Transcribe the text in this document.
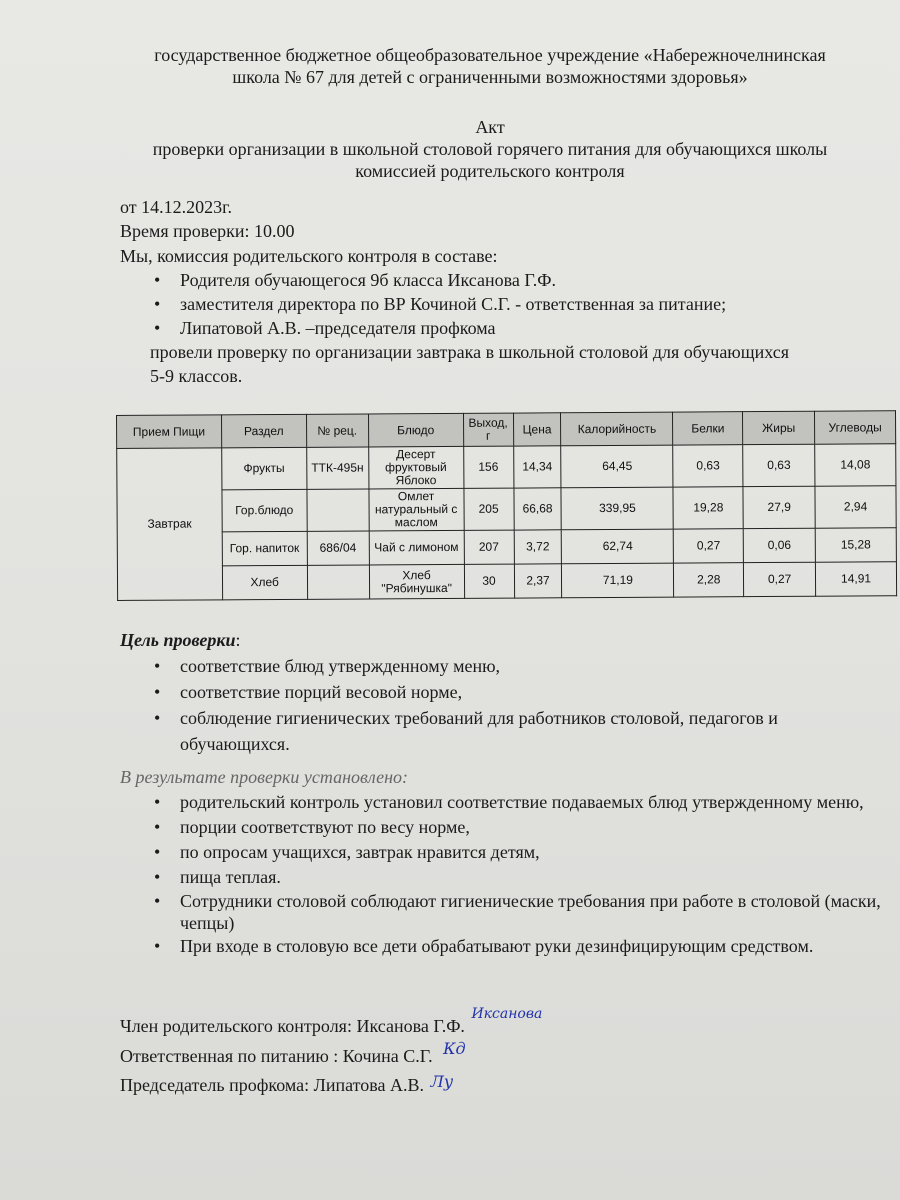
государственное бюджетное общеобразовательное учреждение «Набережночелнинская
школа № 67 для детей с ограниченными возможностями здоровья»
Акт
проверки организации в школьной столовой горячего питания для обучающихся школы
комиссией родительского контроля
от 14.12.2023г.
Время проверки: 10.00
Мы, комиссия родительского контроля в составе:
• Родителя обучающегося 9б класса Иксанова Г.Ф.
• заместителя директора по ВР Кочиной С.Г. - ответственная за питание;
• Липатовой А.В. –председателя профкома
провели проверку по организации завтрака в школьной столовой для обучающихся
5-9 классов.
Прием Пищи	Раздел	№ рец.	Блюдо	Выход, г	Цена	Калорийность	Белки	Жиры	Углеводы
Завтрак	Фрукты	ТТК-495н	Десерт фруктовый Яблоко	156	14,34	64,45	0,63	0,63	14,08
	Гор.блюдо		Омлет натуральный с маслом	205	66,68	339,95	19,28	27,9	2,94
	Гор. напиток	686/04	Чай с лимоном	207	3,72	62,74	0,27	0,06	15,28
	Хлеб		Хлеб "Рябинушка"	30	2,37	71,19	2,28	0,27	14,91
Цель проверки:
• соответствие блюд утвержденному меню,
• соответствие порций весовой норме,
• соблюдение гигиенических требований для работников столовой, педагогов и обучающихся.
В результате проверки установлено:
• родительский контроль установил соответствие подаваемых блюд утвержденному меню,
• порции соответствуют по весу норме,
• по опросам учащихся, завтрак нравится детям,
• пища теплая.
• Сотрудники столовой соблюдают гигиенические требования при работе в столовой (маски, чепцы)
• При входе в столовую все дети обрабатывают руки дезинфицирующим средством.
Член родительского контроля: Иксанова Г.Ф. $^{Иксанова}$
Ответственная по питанию : Кочина С.Г. Кд
Председатель профкома: Липатова А.В. Лу
